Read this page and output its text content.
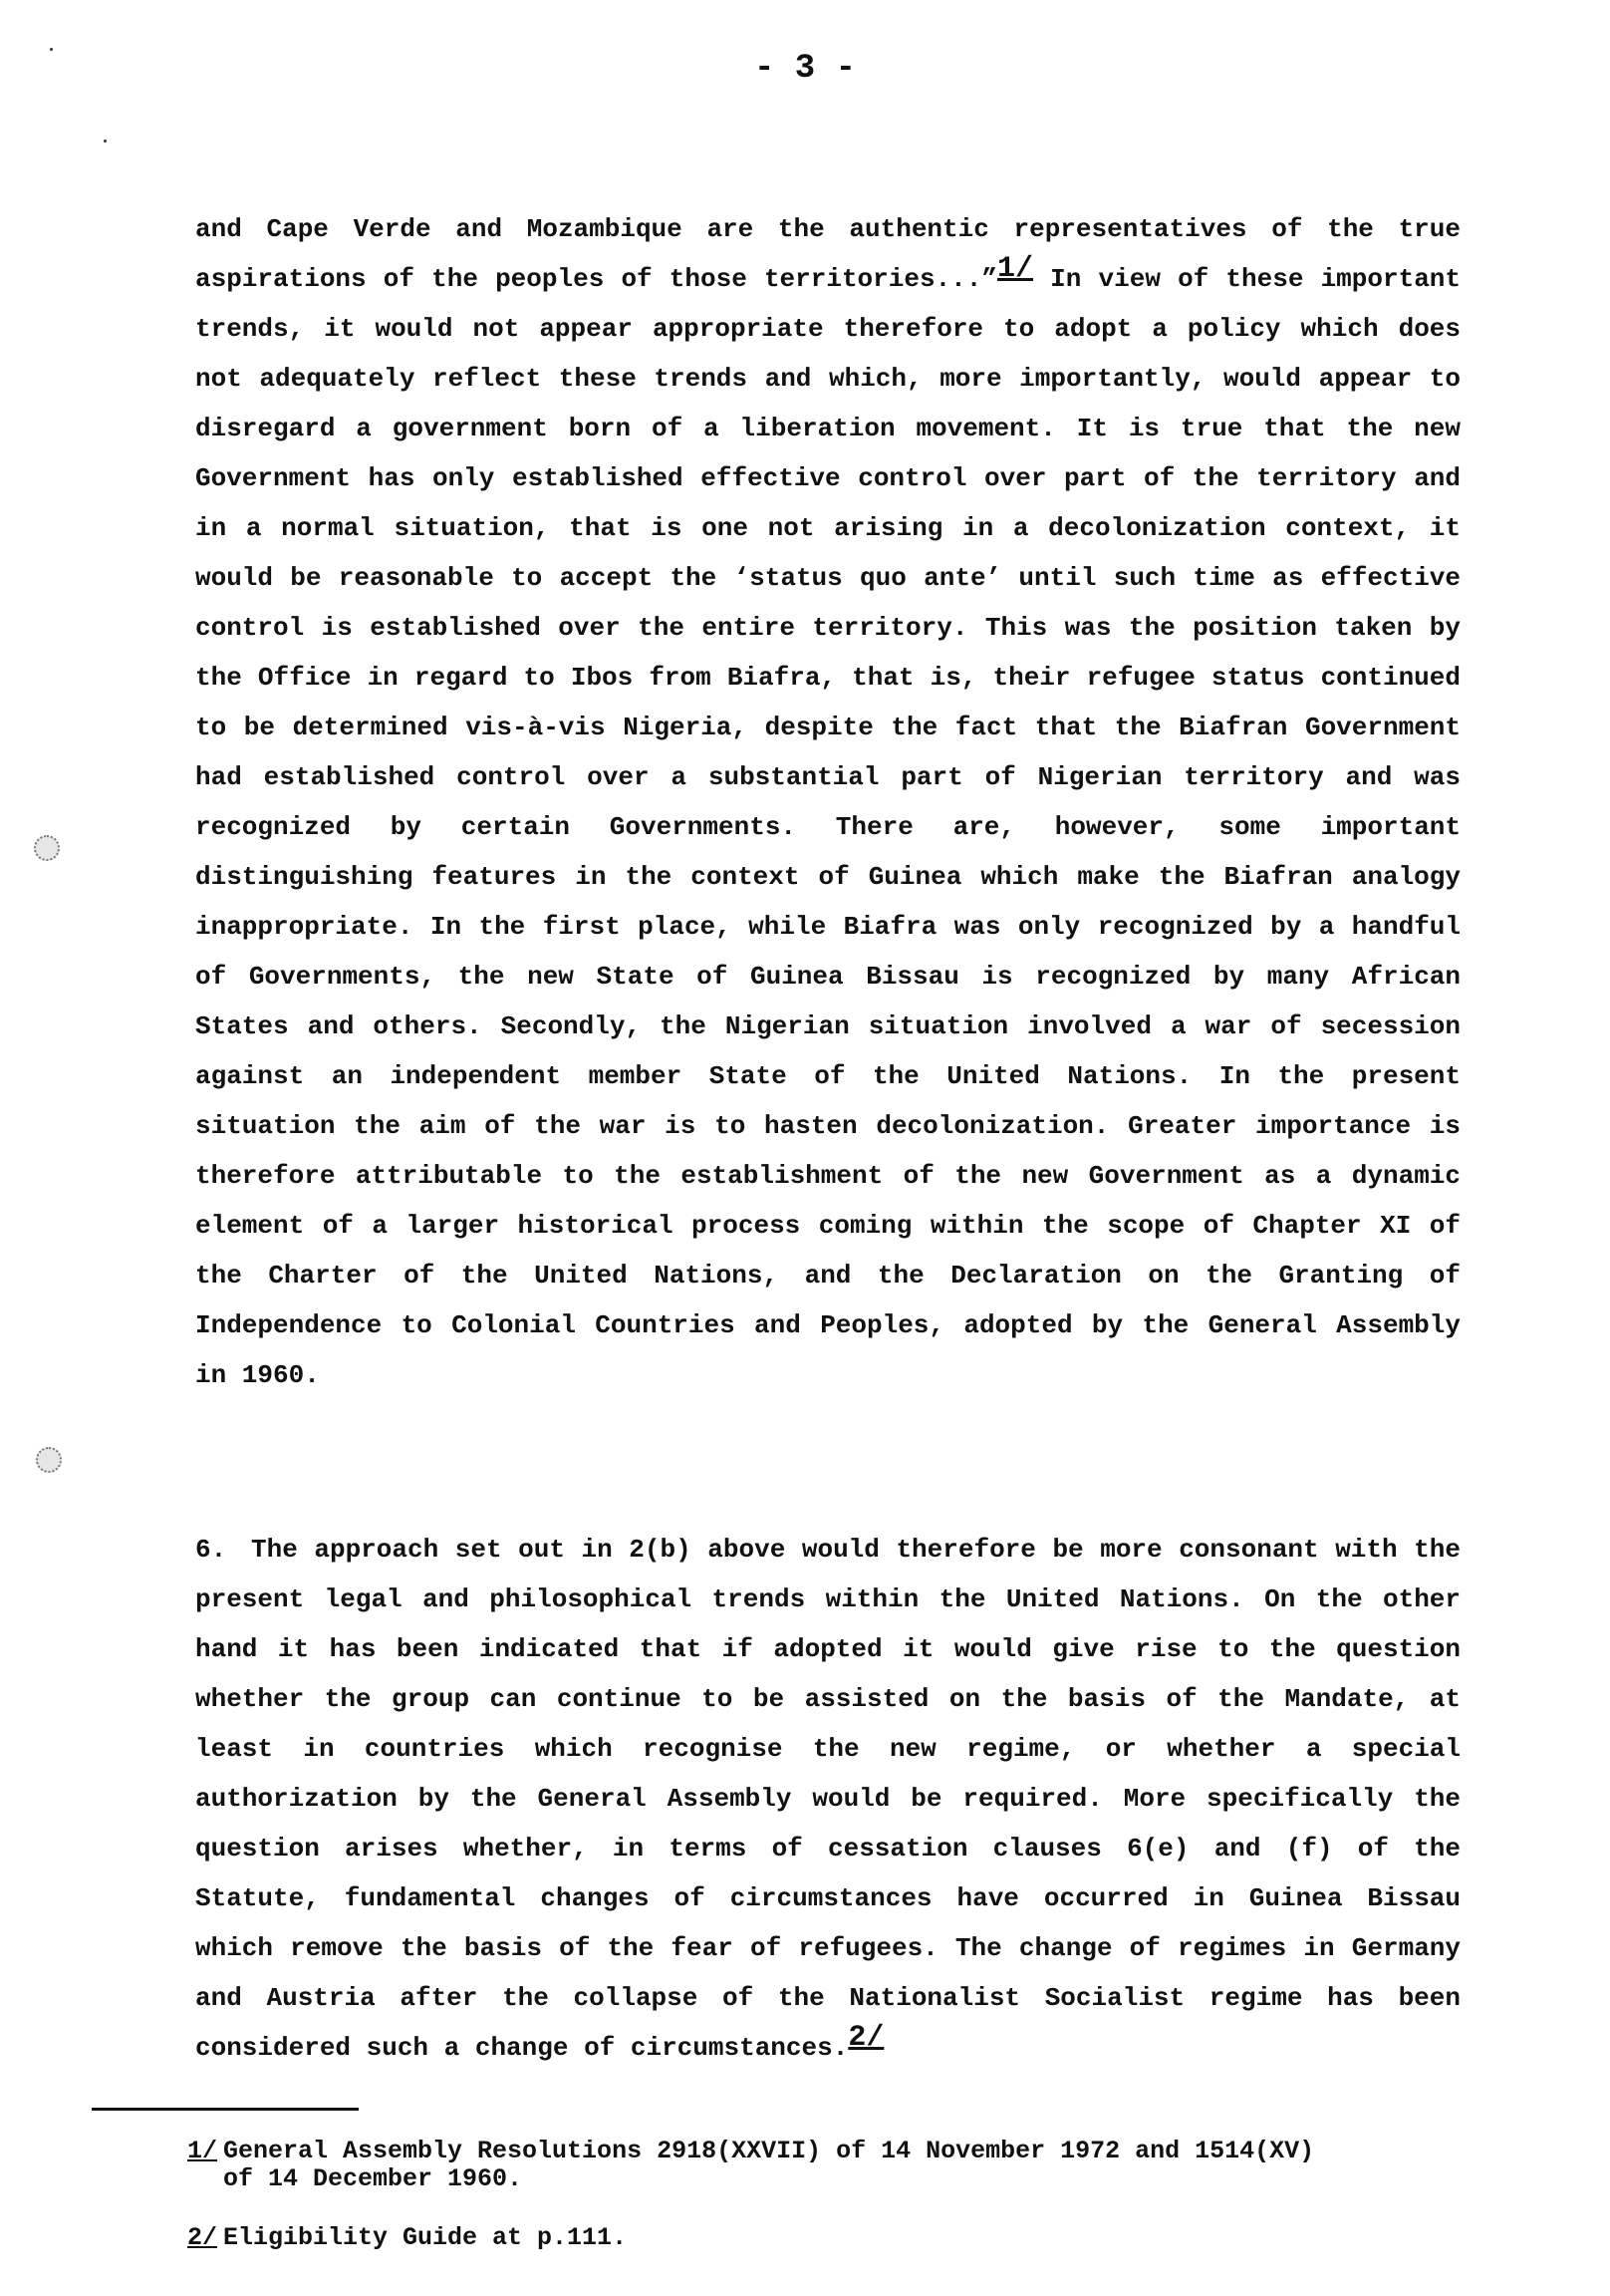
- 3 -
and Cape Verde and Mozambique are the authentic representatives of the true aspirations of the peoples of those territories...”1/ In view of these important trends, it would not appear appropriate therefore to adopt a policy which does not adequately reflect these trends and which, more importantly, would appear to disregard a government born of a liberation movement. It is true that the new Government has only established effective control over part of the territory and in a normal situation, that is one not arising in a decolonization context, it would be reasonable to accept the ‘status quo ante’ until such time as effective control is established over the entire territory. This was the position taken by the Office in regard to Ibos from Biafra, that is, their refugee status continued to be determined vis-à-vis Nigeria, despite the fact that the Biafran Government had established control over a substantial part of Nigerian territory and was recognized by certain Governments. There are, however, some important distinguishing features in the context of Guinea which make the Biafran analogy inappropriate. In the first place, while Biafra was only recognized by a handful of Governments, the new State of Guinea Bissau is recognized by many African States and others. Secondly, the Nigerian situation involved a war of secession against an independent member State of the United Nations. In the present situation the aim of the war is to hasten decolonization. Greater importance is therefore attributable to the establishment of the new Government as a dynamic element of a larger historical process coming within the scope of Chapter XI of the Charter of the United Nations, and the Declaration on the Granting of Independence to Colonial Countries and Peoples, adopted by the General Assembly in 1960.
6. The approach set out in 2(b) above would therefore be more consonant with the present legal and philosophical trends within the United Nations. On the other hand it has been indicated that if adopted it would give rise to the question whether the group can continue to be assisted on the basis of the Mandate, at least in countries which recognise the new regime, or whether a special authorization by the General Assembly would be required. More specifically the question arises whether, in terms of cessation clauses 6(e) and (f) of the Statute, fundamental changes of circumstances have occurred in Guinea Bissau which remove the basis of the fear of refugees. The change of regimes in Germany and Austria after the collapse of the Nationalist Socialist regime has been considered such a change of circumstances.2/
1/ General Assembly Resolutions 2918(XXVII) of 14 November 1972 and 1514(XV)
of 14 December 1960.
2/ Eligibility Guide at p.111.
